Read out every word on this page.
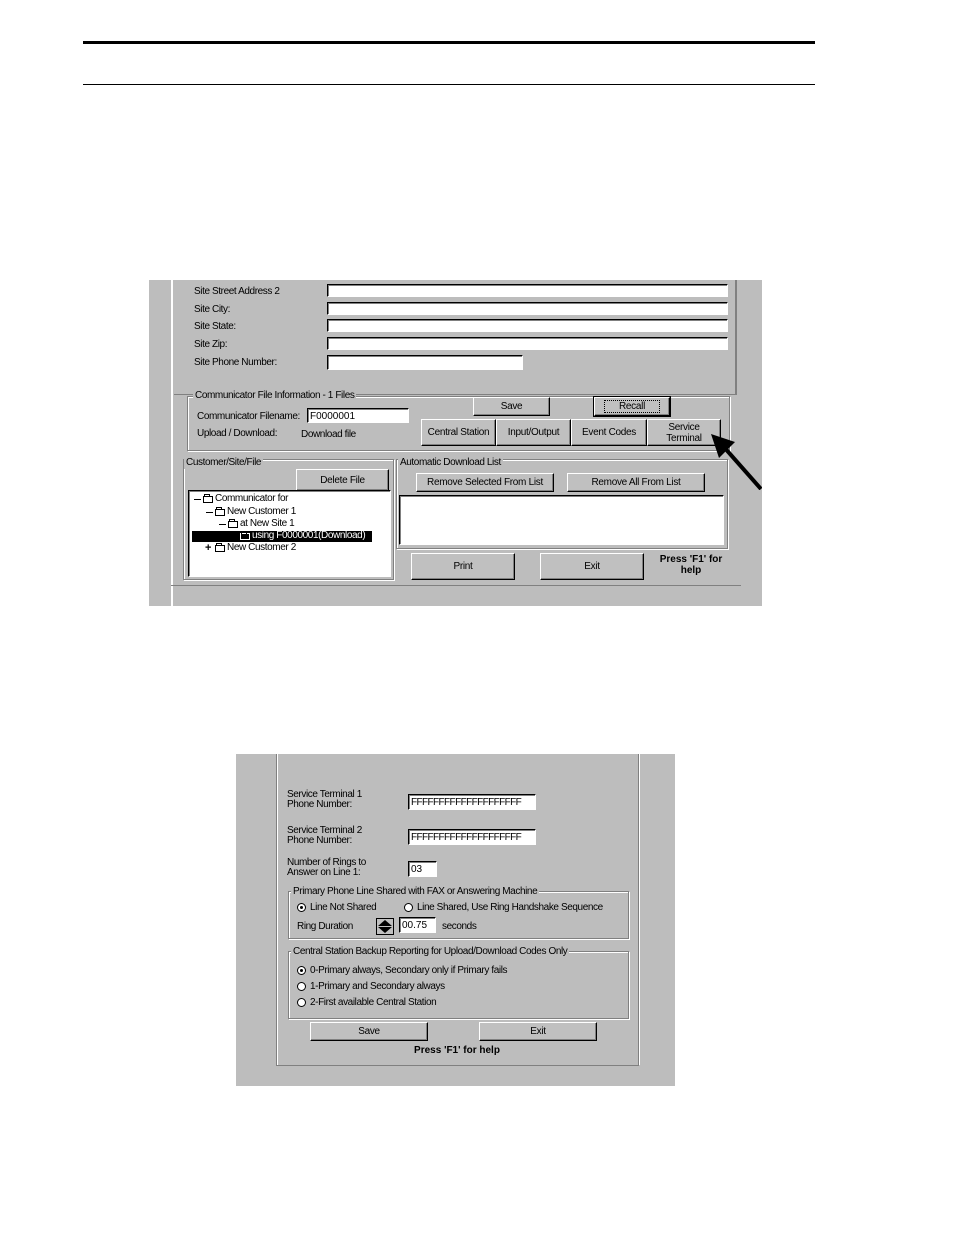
Site Street Address 2
Site City:
Site State:
Site Zip:
Site Phone Number:
Communicator File Information - 1 Files
Communicator Filename:	F0000001
Upload / Download: Download file
Save	Recall
Central Station	Input/Output	Event Codes	Service Terminal
Customer/Site/File
Delete File
Communicator for
New Customer 1
at New Site 1
using F0000001(Download)
+ New Customer 2
Automatic Download List
Remove Selected From List	Remove All From List
Print	Exit
Press 'F1' for help
Service Terminal 1
Phone Number:	FFFFFFFFFFFFFFFFFFFF
Service Terminal 2
Phone Number:	FFFFFFFFFFFFFFFFFFFF
Number of Rings to
Answer on Line 1:	03
Primary Phone Line Shared with FAX or Answering Machine
Line Not Shared	Line Shared, Use Ring Handshake Sequence
Ring Duration	00.75	seconds
Central Station Backup Reporting for Upload/Download Codes Only
0-Primary always, Secondary only if Primary fails
1-Primary and Secondary always
2-First available Central Station
Save	Exit
Press 'F1' for help
